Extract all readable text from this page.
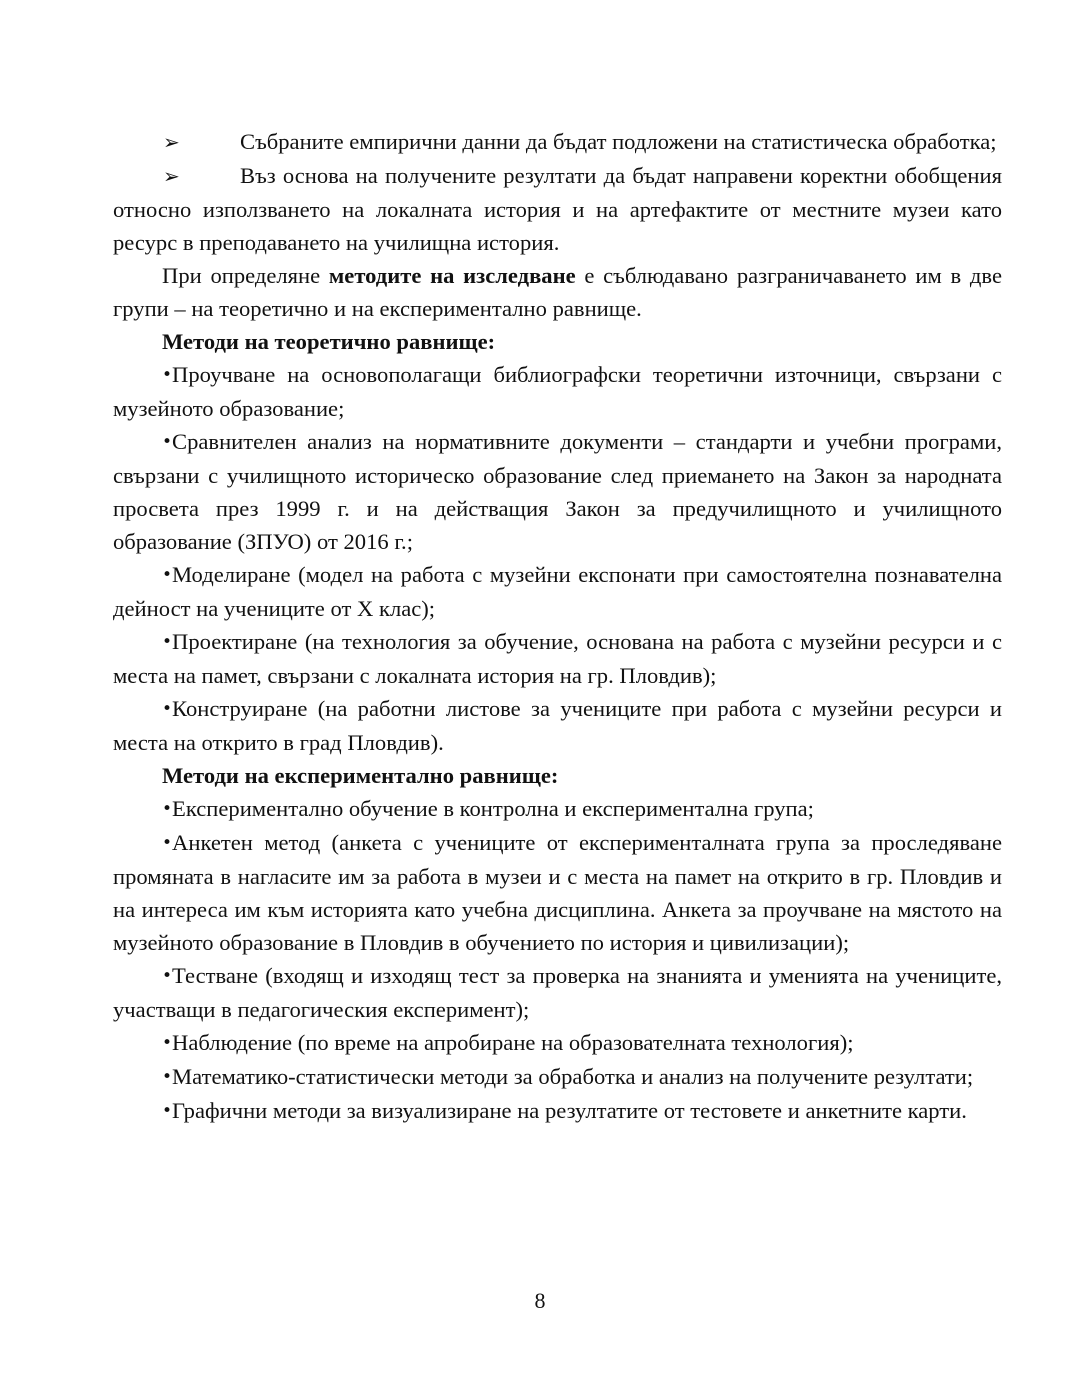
➢	Събраните емпирични данни да бъдат подложени на статистическа обработка;

➢	Въз основа на получените резултати да бъдат направени коректни обобщения относно използването на локалната история и на артефактите от местните музеи като ресурс в преподаването на училищна история.

При определяне методите на изследване е съблюдавано разграничаването им в две групи – на теоретично и на експериментално равнище.

Методи на теоретично равнище:

•Проучване на основополагащи библиографски теоретични източници, свързани с музейното образование;

•Сравнителен анализ на нормативните документи – стандарти и учебни програми, свързани с училищното историческо образование след приемането на Закон за народната просвета през 1999 г. и на действащия Закон за предучилищното и училищното образование (ЗПУО) от 2016 г.;

•Моделиране (модел на работа с музейни експонати при самостоятелна познавателна дейност на учениците от Х клас);

•Проектиране (на технология за обучение, основана на работа с музейни ресурси и с места на памет, свързани с локалната история на гр. Пловдив);

•Конструиране (на работни листове за учениците при работа с музейни ресурси и места на открито в град Пловдив).

Методи на експериментално равнище:

•Експериментално обучение в контролна и експериментална група;

•Анкетен метод (анкета с учениците от експерименталната група за проследяване промяната в нагласите им за работа в музеи и с места на памет на открито в гр. Пловдив и на интереса им към историята като учебна дисциплина. Анкета за проучване на мястото на музейното образование в Пловдив в обучението по история и цивилизации);

•Тестване (входящ и изходящ тест за проверка на знанията и уменията на учениците, участващи в педагогическия експеримент);

•Наблюдение (по време на апробиране на образователната технология);

•Математико-статистически методи за обработка и анализ на получените резултати;

•Графични методи за визуализиране на резултатите от тестовете и анкетните карти.

8
